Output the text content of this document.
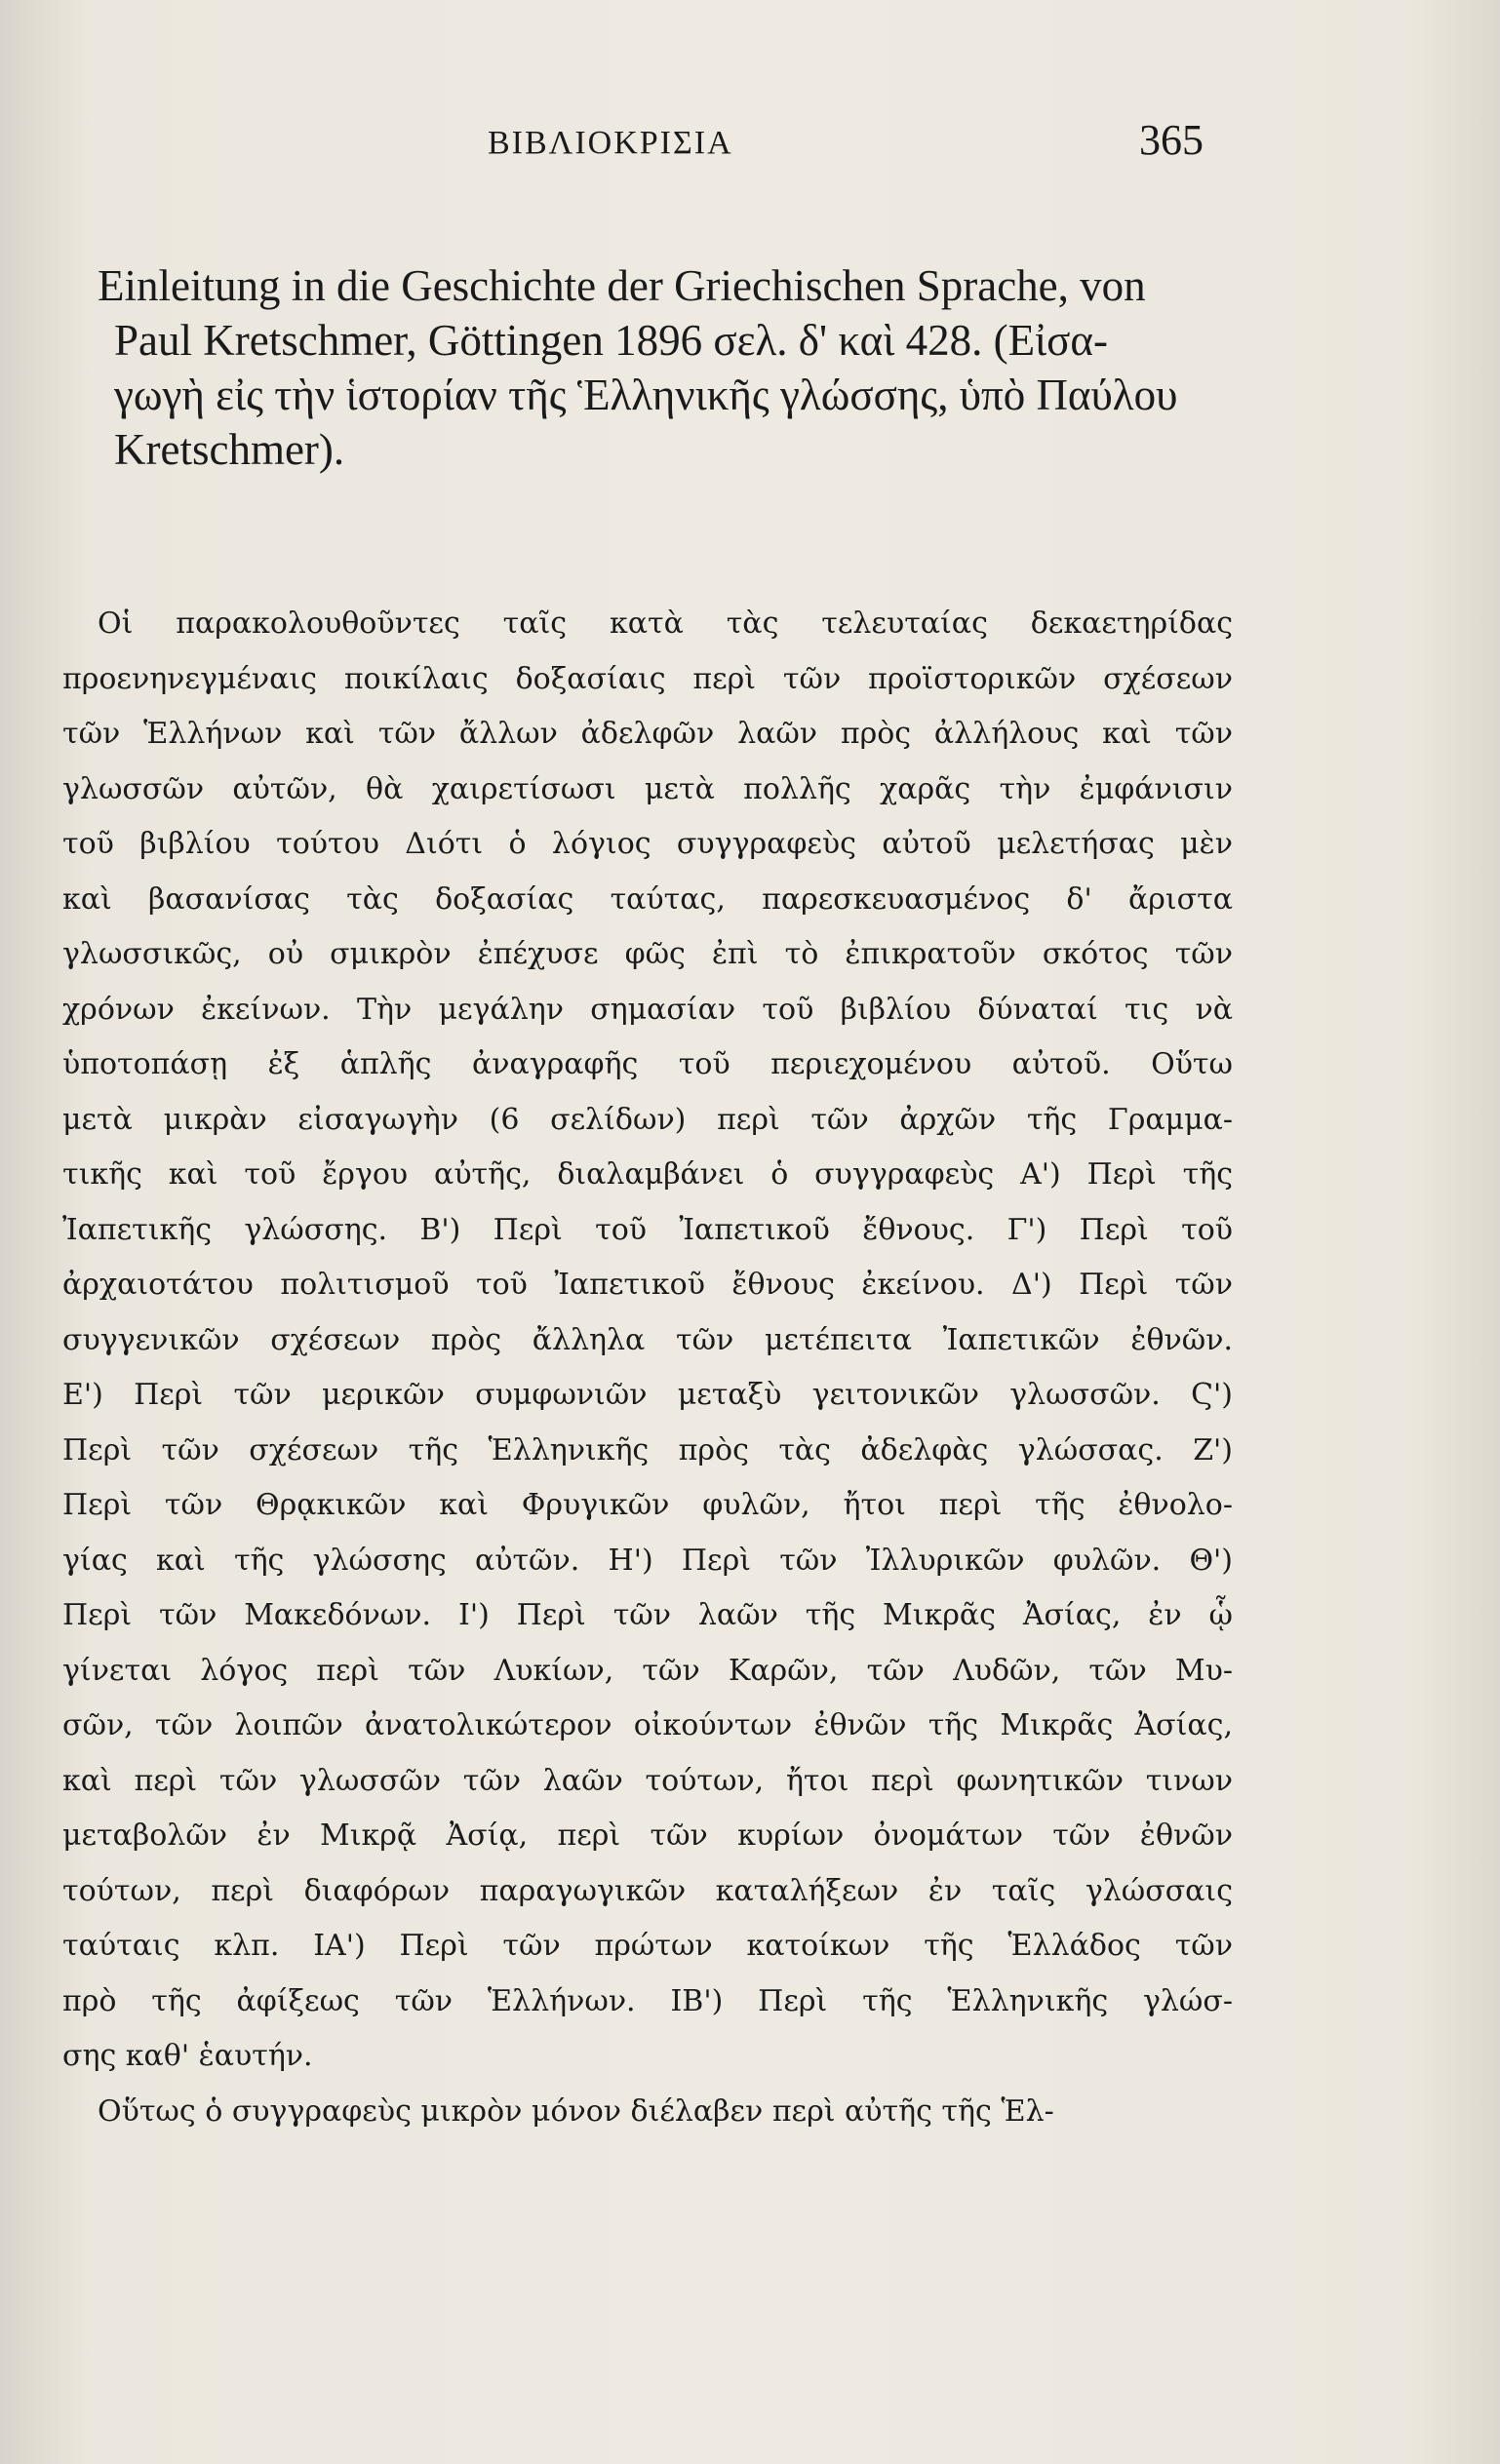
ΒΙΒΛΙΟΚΡΙΣΙΑ	365
Einleitung in die Geschichte der Griechischen Sprache, von
Paul Kretschmer, Göttingen 1896 σελ. δ' καὶ 428. (Εἰσα-
γωγὴ εἰς τὴν ἱστορίαν τῆς Ἑλληνικῆς γλώσσης, ὑπὸ Παύλου
Kretschmer).
Οἱ παρακολουθοῦντες ταῖς κατὰ τὰς τελευταίας δεκαετηρίδας
προενηνεγμέναις ποικίλαις δοξασίαις περὶ τῶν προϊστορικῶν σχέσεων
τῶν Ἑλλήνων καὶ τῶν ἄλλων ἀδελφῶν λαῶν πρὸς ἀλλήλους καὶ τῶν
γλωσσῶν αὐτῶν, θὰ χαιρετίσωσι μετὰ πολλῆς χαρᾶς τὴν ἐμφάνισιν
τοῦ βιβλίου τούτου Διότι ὁ λόγιος συγγραφεὺς αὐτοῦ μελετήσας μὲν
καὶ βασανίσας τὰς δοξασίας ταύτας, παρεσκευασμένος δ' ἄριστα
γλωσσικῶς, οὐ σμικρὸν ἐπέχυσε φῶς ἐπὶ τὸ ἐπικρατοῦν σκότος τῶν
χρόνων ἐκείνων. Τὴν μεγάλην σημασίαν τοῦ βιβλίου δύναταί τις νὰ
ὑποτοπάσῃ ἐξ ἁπλῆς ἀναγραφῆς τοῦ περιεχομένου αὐτοῦ. Οὕτω
μετὰ μικρὰν εἰσαγωγὴν (6 σελίδων) περὶ τῶν ἀρχῶν τῆς Γραμμα-
τικῆς καὶ τοῦ ἔργου αὐτῆς, διαλαμβάνει ὁ συγγραφεὺς Α') Περὶ τῆς
Ἰαπετικῆς γλώσσης. Β') Περὶ τοῦ Ἰαπετικοῦ ἔθνους. Γ') Περὶ τοῦ
ἀρχαιοτάτου πολιτισμοῦ τοῦ Ἰαπετικοῦ ἔθνους ἐκείνου. Δ') Περὶ τῶν
συγγενικῶν σχέσεων πρὸς ἄλληλα τῶν μετέπειτα Ἰαπετικῶν ἐθνῶν.
Ε') Περὶ τῶν μερικῶν συμφωνιῶν μεταξὺ γειτονικῶν γλωσσῶν. Ϛ')
Περὶ τῶν σχέσεων τῆς Ἑλληνικῆς πρὸς τὰς ἀδελφὰς γλώσσας. Ζ')
Περὶ τῶν Θρᾳκικῶν καὶ Φρυγικῶν φυλῶν, ἤτοι περὶ τῆς ἐθνολο-
γίας καὶ τῆς γλώσσης αὐτῶν. Η') Περὶ τῶν Ἰλλυρικῶν φυλῶν. Θ')
Περὶ τῶν Μακεδόνων. Ι') Περὶ τῶν λαῶν τῆς Μικρᾶς Ἀσίας, ἐν ᾧ
γίνεται λόγος περὶ τῶν Λυκίων, τῶν Καρῶν, τῶν Λυδῶν, τῶν Μυ-
σῶν, τῶν λοιπῶν ἀνατολικώτερον οἰκούντων ἐθνῶν τῆς Μικρᾶς Ἀσίας,
καὶ περὶ τῶν γλωσσῶν τῶν λαῶν τούτων, ἤτοι περὶ φωνητικῶν τινων
μεταβολῶν ἐν Μικρᾷ Ἀσίᾳ, περὶ τῶν κυρίων ὀνομάτων τῶν ἐθνῶν
τούτων, περὶ διαφόρων παραγωγικῶν καταλήξεων ἐν ταῖς γλώσσαις
ταύταις κλπ. ΙΑ') Περὶ τῶν πρώτων κατοίκων τῆς Ἑλλάδος τῶν
πρὸ τῆς ἀφίξεως τῶν Ἑλλήνων. ΙΒ') Περὶ τῆς Ἑλληνικῆς γλώσ-
σης καθ' ἑαυτήν.
Οὕτως ὁ συγγραφεὺς μικρὸν μόνον διέλαβεν περὶ αὐτῆς τῆς Ἑλ-
